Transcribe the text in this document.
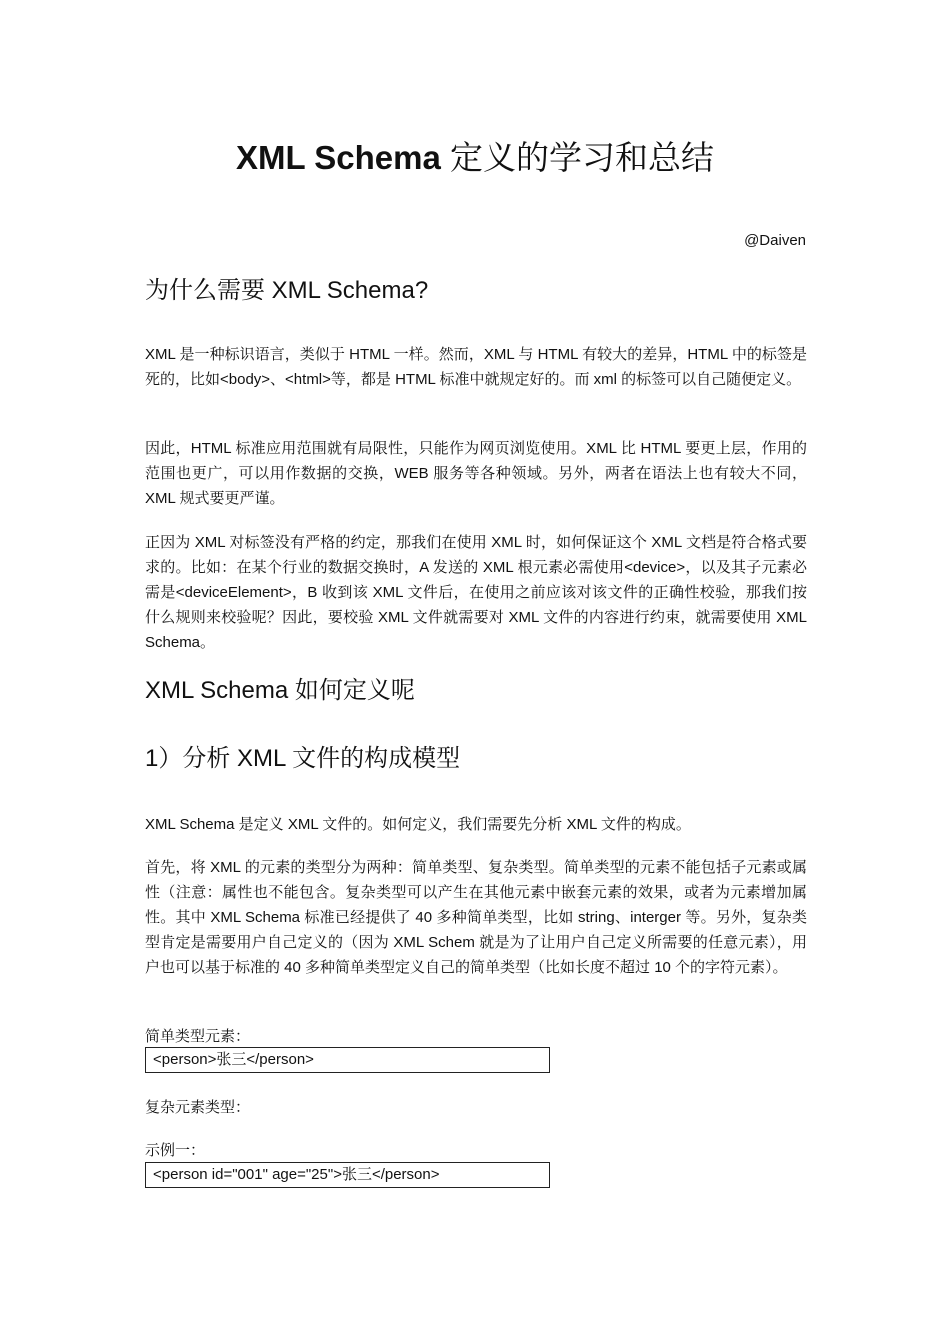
XML Schema 定义的学习和总结
@Daiven
为什么需要 XML Schema?

XML 是一种标识语言，类似于 HTML 一样。然而，XML 与 HTML 有较大的差异，HTML 中的标签是死的，比如<body>、<html>等，都是 HTML 标准中就规定好的。而 xml 的标签可以自己随便定义。

因此，HTML 标准应用范围就有局限性，只能作为网页浏览使用。XML 比 HTML 要更上层，作用的范围也更广，可以用作数据的交换，WEB 服务等各种领域。另外，两者在语法上也有较大不同，XML 规式要更严谨。

正因为 XML 对标签没有严格的约定，那我们在使用 XML 时，如何保证这个 XML 文档是符合格式要求的。比如：在某个行业的数据交换时，A 发送的 XML 根元素必需使用<device>，以及其子元素必需是<deviceElement>，B 收到该 XML 文件后，在使用之前应该对该文件的正确性校验，那我们按什么规则来校验呢？因此，要校验 XML 文件就需要对 XML 文件的内容进行约束，就需要使用 XML Schema。

XML Schema 如何定义呢
1）分析 XML 文件的构成模型

XML Schema 是定义 XML 文件的。如何定义，我们需要先分析 XML 文件的构成。

首先，将 XML 的元素的类型分为两种：简单类型、复杂类型。简单类型的元素不能包括子元素或属性（注意：属性也不能包含。复杂类型可以产生在其他元素中嵌套元素的效果，或者为元素增加属性。其中 XML Schema 标准已经提供了 40 多种简单类型，比如 string、interger 等。另外，复杂类型肯定是需要用户自己定义的（因为 XML Schem 就是为了让用户自己定义所需要的任意元素），用户也可以基于标准的 40 多种简单类型定义自己的简单类型（比如长度不超过 10 个的字符元素）。

简单类型元素：
<person>张三</person>
复杂元素类型：
示例一：
<person id="001" age="25">张三</person>
